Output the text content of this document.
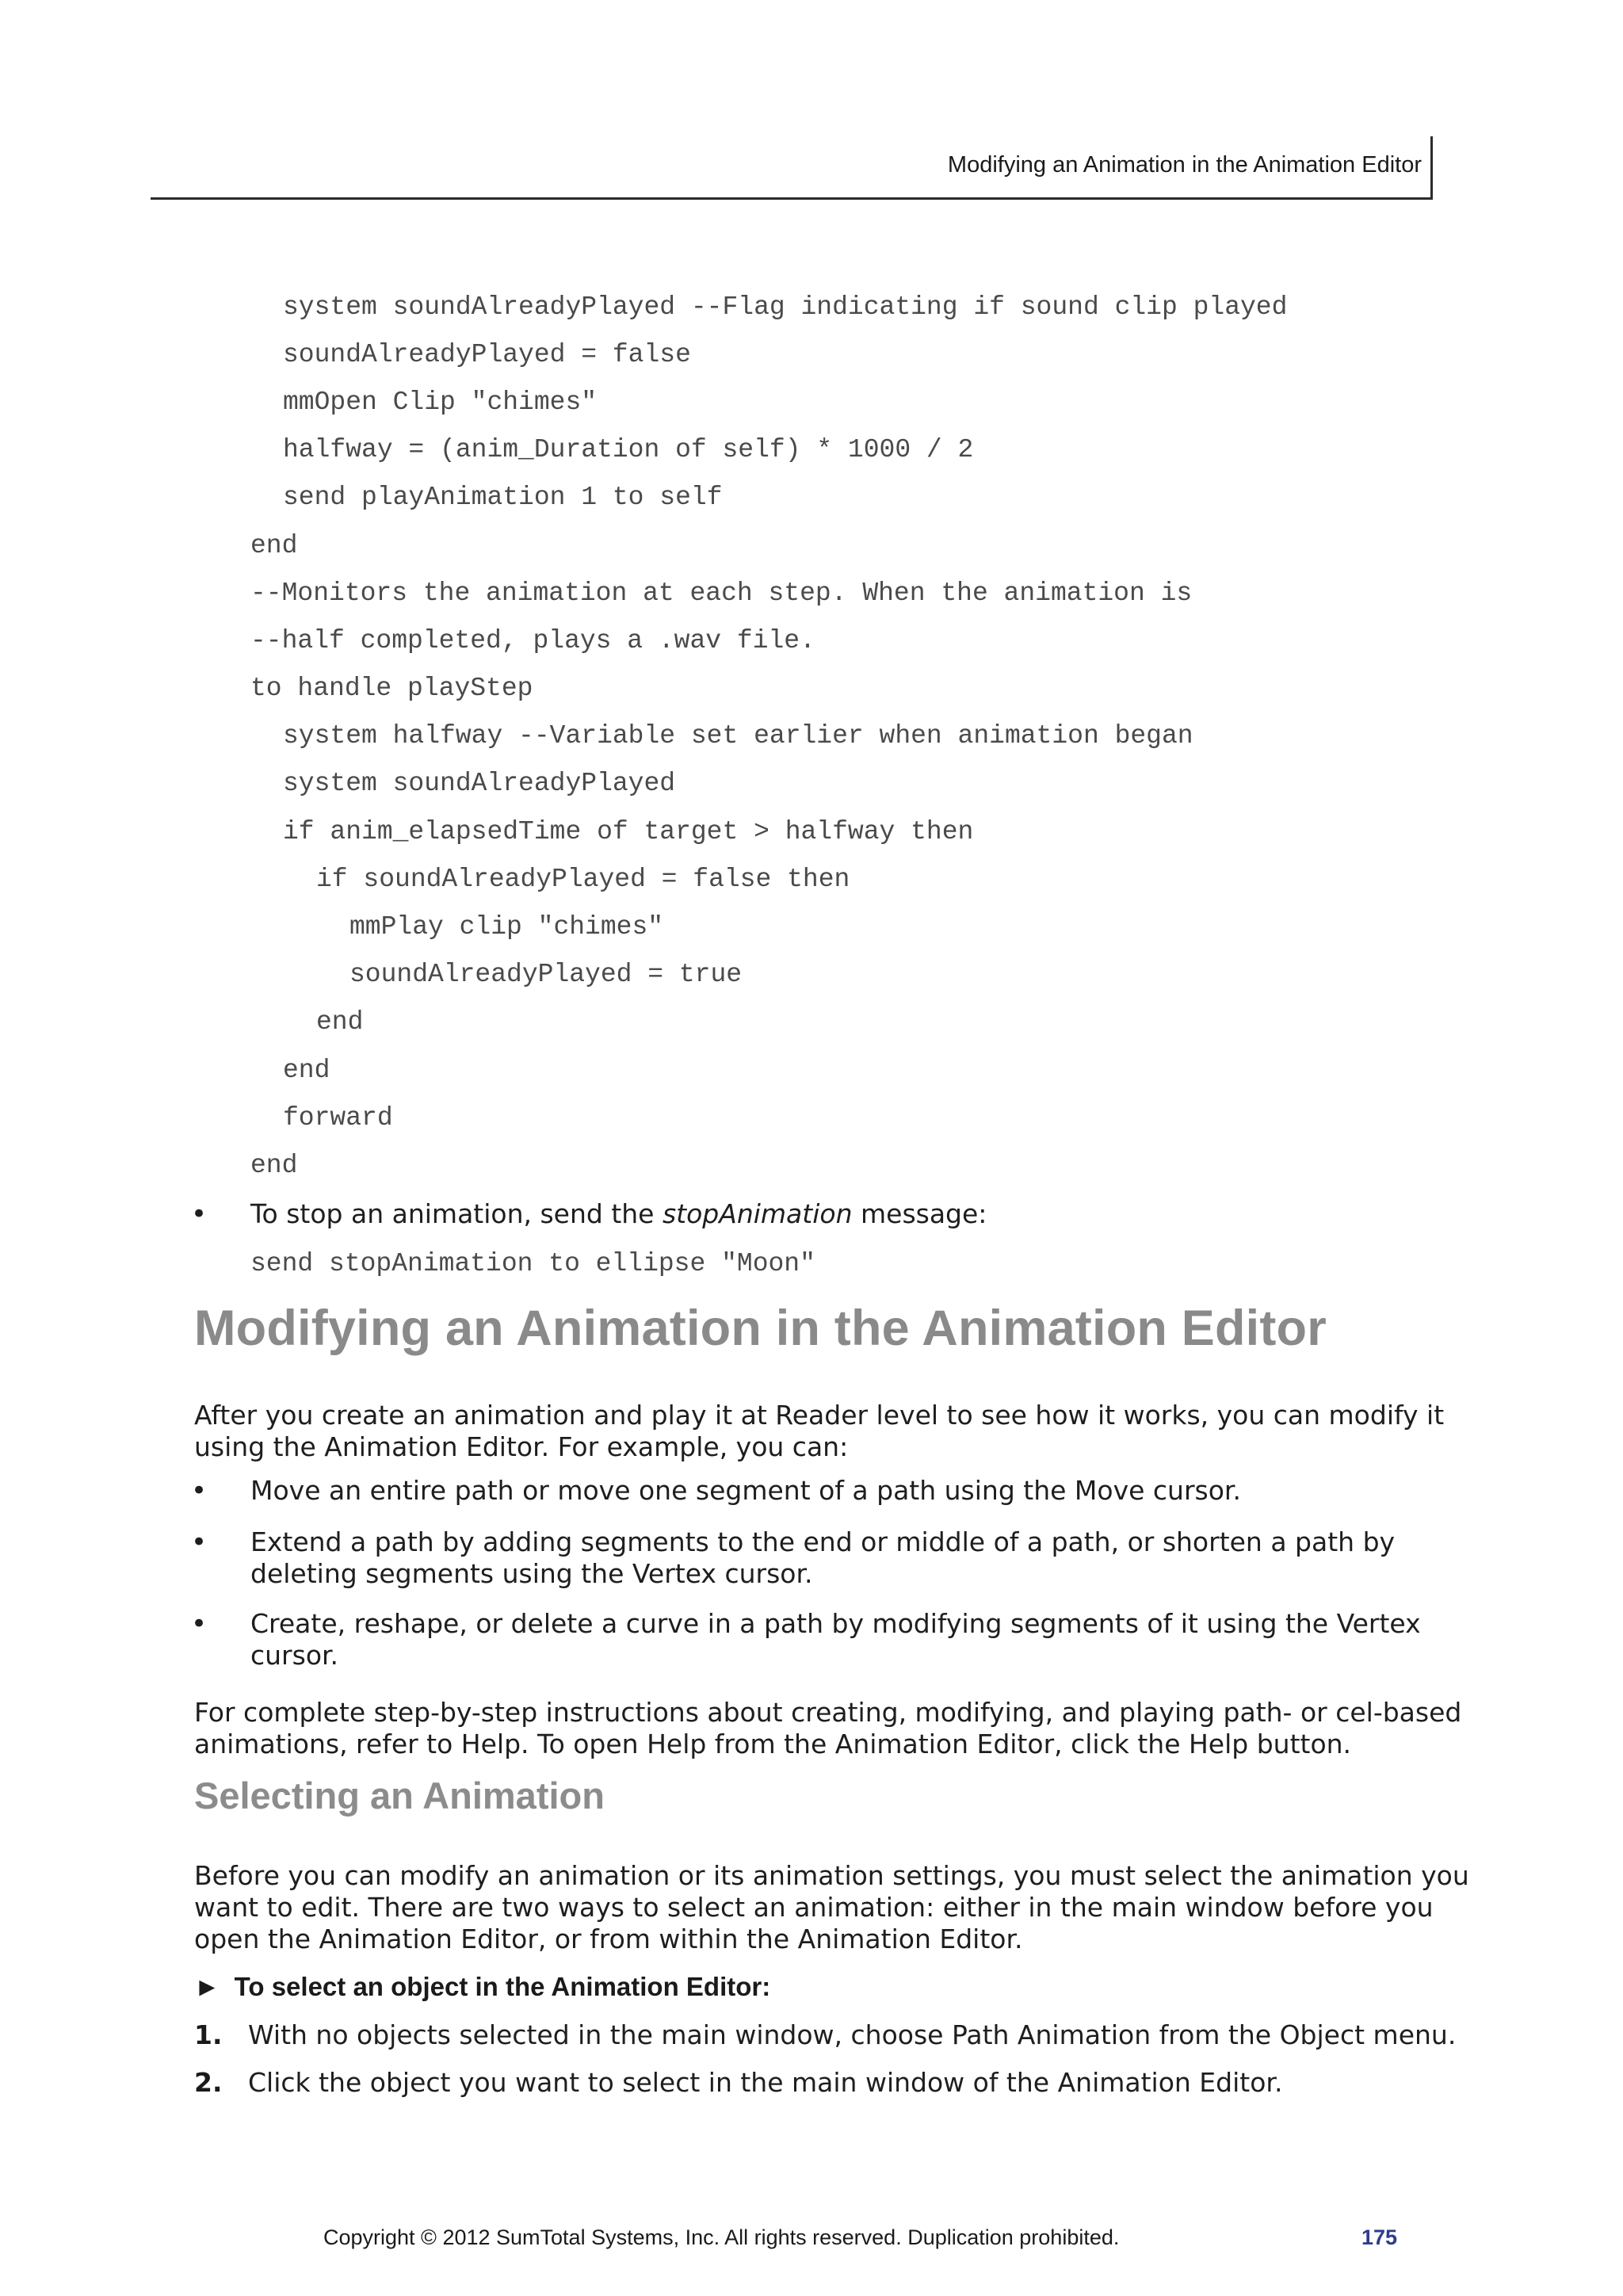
Modifying an Animation in the Animation Editor
system soundAlreadyPlayed --Flag indicating if sound clip played
soundAlreadyPlayed = false
mmOpen Clip "chimes"
halfway = (anim_Duration of self) * 1000 / 2
send playAnimation 1 to self
end
--Monitors the animation at each step. When the animation is
--half completed, plays a .wav file.
to handle playStep
system halfway --Variable set earlier when animation began
system soundAlreadyPlayed
if anim_elapsedTime of target > halfway then
if soundAlreadyPlayed = false then
mmPlay clip "chimes"
soundAlreadyPlayed = true
end
end
forward
end
• To stop an animation, send the stopAnimation message:
send stopAnimation to ellipse "Moon"
Modifying an Animation in the Animation Editor
After you create an animation and play it at Reader level to see how it works, you can modify it
using the Animation Editor. For example, you can:
• Move an entire path or move one segment of a path using the Move cursor.
• Extend a path by adding segments to the end or middle of a path, or shorten a path by
deleting segments using the Vertex cursor.
• Create, reshape, or delete a curve in a path by modifying segments of it using the Vertex
cursor.
For complete step-by-step instructions about creating, modifying, and playing path- or cel-based
animations, refer to Help. To open Help from the Animation Editor, click the Help button.
Selecting an Animation
Before you can modify an animation or its animation settings, you must select the animation you
want to edit. There are two ways to select an animation: either in the main window before you
open the Animation Editor, or from within the Animation Editor.
► To select an object in the Animation Editor:
1. With no objects selected in the main window, choose Path Animation from the Object menu.
2. Click the object you want to select in the main window of the Animation Editor.
Copyright © 2012 SumTotal Systems, Inc. All rights reserved. Duplication prohibited.	175
